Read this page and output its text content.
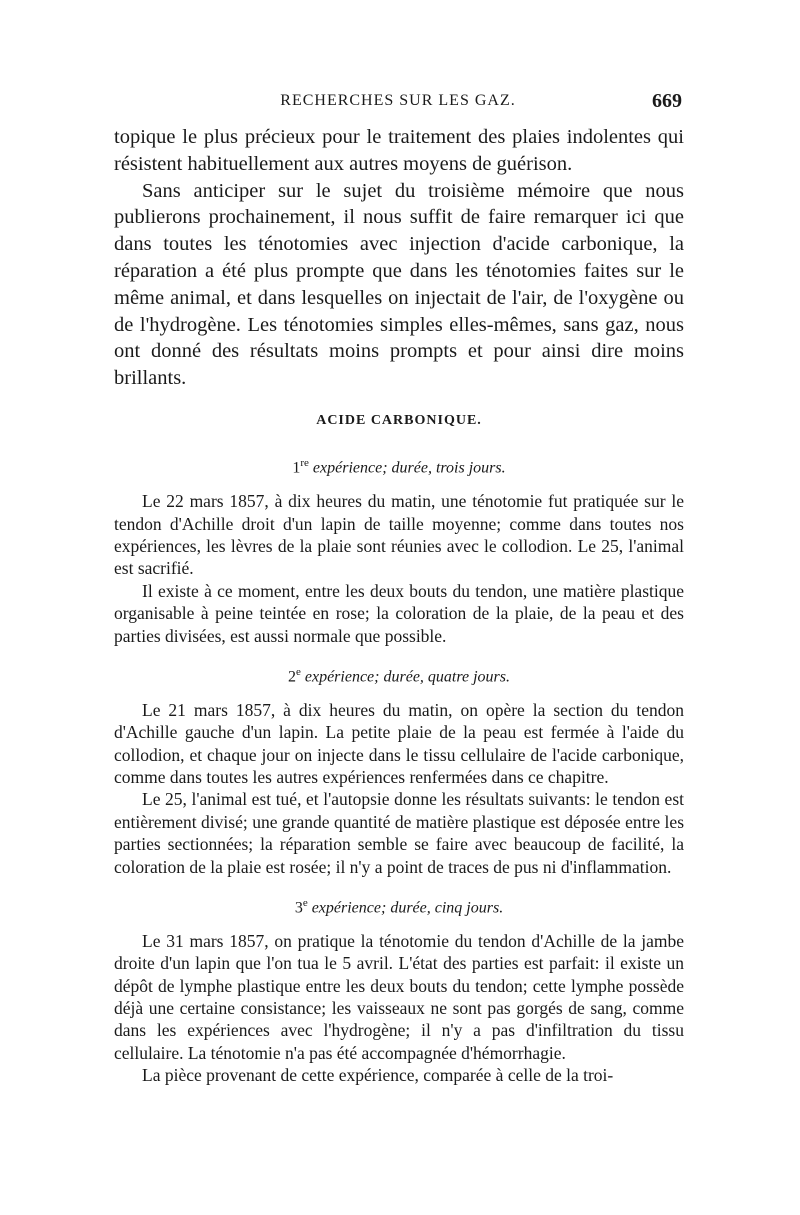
RECHERCHES SUR LES GAZ.	669

topique le plus précieux pour le traitement des plaies indolentes qui résistent habituellement aux autres moyens de guérison.

Sans anticiper sur le sujet du troisième mémoire que nous publierons prochainement, il nous suffit de faire remarquer ici que dans toutes les ténotomies avec injection d'acide carbonique, la réparation a été plus prompte que dans les ténotomies faites sur le même animal, et dans lesquelles on injectait de l'air, de l'oxygène ou de l'hydrogène. Les ténotomies simples elles-mêmes, sans gaz, nous ont donné des résultats moins prompts et pour ainsi dire moins brillants.

ACIDE CARBONIQUE.
1re expérience; durée, trois jours.

Le 22 mars 1857, à dix heures du matin, une ténotomie fut pratiquée sur le tendon d'Achille droit d'un lapin de taille moyenne; comme dans toutes nos expériences, les lèvres de la plaie sont réunies avec le collodion. Le 25, l'animal est sacrifié.

Il existe à ce moment, entre les deux bouts du tendon, une matière plastique organisable à peine teintée en rose; la coloration de la plaie, de la peau et des parties divisées, est aussi normale que possible.

2e expérience; durée, quatre jours.

Le 21 mars 1857, à dix heures du matin, on opère la section du tendon d'Achille gauche d'un lapin. La petite plaie de la peau est fermée à l'aide du collodion, et chaque jour on injecte dans le tissu cellulaire de l'acide carbonique, comme dans toutes les autres expériences renfermées dans ce chapitre.

Le 25, l'animal est tué, et l'autopsie donne les résultats suivants: le tendon est entièrement divisé; une grande quantité de matière plastique est déposée entre les parties sectionnées; la réparation semble se faire avec beaucoup de facilité, la coloration de la plaie est rosée; il n'y a point de traces de pus ni d'inflammation.

3e expérience; durée, cinq jours.

Le 31 mars 1857, on pratique la ténotomie du tendon d'Achille de la jambe droite d'un lapin que l'on tua le 5 avril. L'état des parties est parfait: il existe un dépôt de lymphe plastique entre les deux bouts du tendon; cette lymphe possède déjà une certaine consistance; les vaisseaux ne sont pas gorgés de sang, comme dans les expériences avec l'hydrogène; il n'y a pas d'infiltration du tissu cellulaire. La ténotomie n'a pas été accompagnée d'hémorrhagie.

La pièce provenant de cette expérience, comparée à celle de la troi-
